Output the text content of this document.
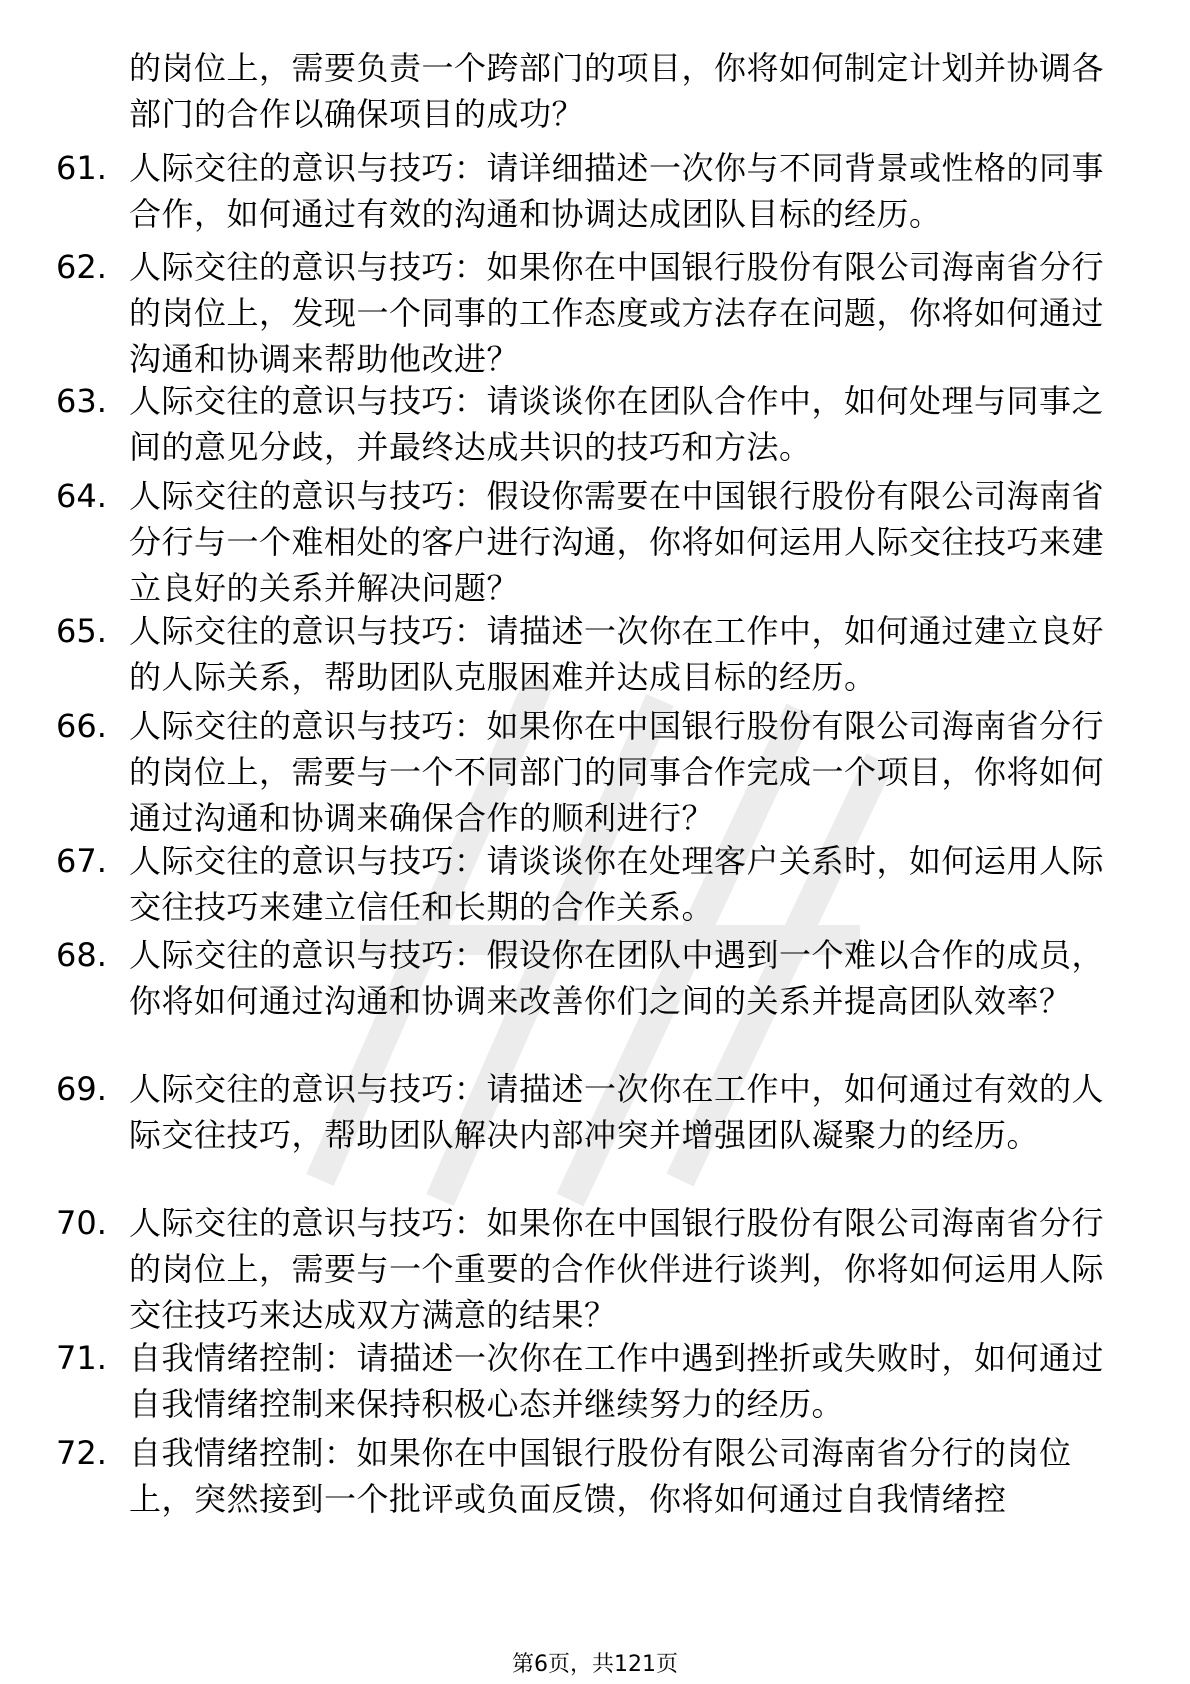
的岗位上，需要负责一个跨部门的项目，你将如何制定计划并协调各部门的合作以确保项目的成功？

61. 人际交往的意识与技巧：请详细描述一次你与不同背景或性格的同事合作，如何通过有效的沟通和协调达成团队目标的经历。

62. 人际交往的意识与技巧：如果你在中国银行股份有限公司海南省分行的岗位上，发现一个同事的工作态度或方法存在问题，你将如何通过沟通和协调来帮助他改进？

63. 人际交往的意识与技巧：请谈谈你在团队合作中，如何处理与同事之间的意见分歧，并最终达成共识的技巧和方法。

64. 人际交往的意识与技巧：假设你需要在中国银行股份有限公司海南省分行与一个难相处的客户进行沟通，你将如何运用人际交往技巧来建立良好的关系并解决问题？

65. 人际交往的意识与技巧：请描述一次你在工作中，如何通过建立良好的人际关系，帮助团队克服困难并达成目标的经历。

66. 人际交往的意识与技巧：如果你在中国银行股份有限公司海南省分行的岗位上，需要与一个不同部门的同事合作完成一个项目，你将如何通过沟通和协调来确保合作的顺利进行？

67. 人际交往的意识与技巧：请谈谈你在处理客户关系时，如何运用人际交往技巧来建立信任和长期的合作关系。

68. 人际交往的意识与技巧：假设你在团队中遇到一个难以合作的成员，你将如何通过沟通和协调来改善你们之间的关系并提高团队效率？

69. 人际交往的意识与技巧：请描述一次你在工作中，如何通过有效的人际交往技巧，帮助团队解决内部冲突并增强团队凝聚力的经历。

70. 人际交往的意识与技巧：如果你在中国银行股份有限公司海南省分行的岗位上，需要与一个重要的合作伙伴进行谈判，你将如何运用人际交往技巧来达成双方满意的结果？

71. 自我情绪控制：请描述一次你在工作中遇到挫折或失败时，如何通过自我情绪控制来保持积极心态并继续努力的经历。

72. 自我情绪控制：如果你在中国银行股份有限公司海南省分行的岗位上，突然接到一个批评或负面反馈，你将如何通过自我情绪控

第6页，共121页
